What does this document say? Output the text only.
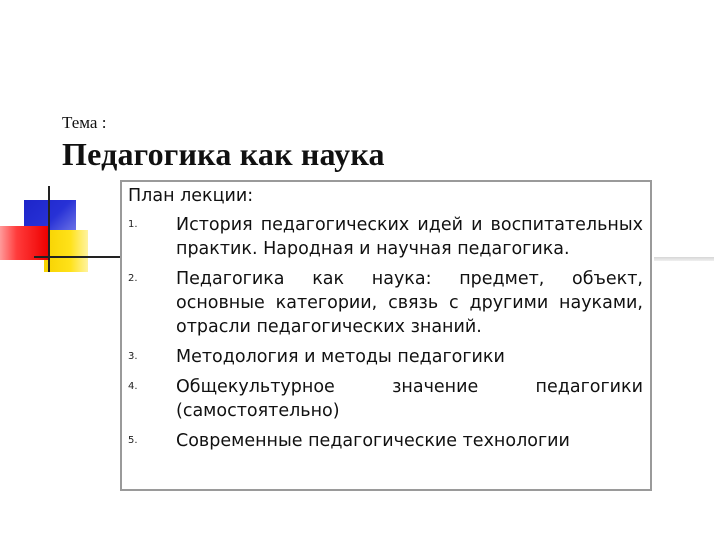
Тема :
Педагогика как наука
План лекции:
1. История педагогических идей и воспитательных практик. Народная и научная педагогика.
2. Педагогика как наука: предмет, объект, основные категории, связь с другими науками, отрасли педагогических знаний.
3. Методология и методы педагогики
4. Общекультурное значение педагогики (самостоятельно)
5. Современные педагогические технологии
